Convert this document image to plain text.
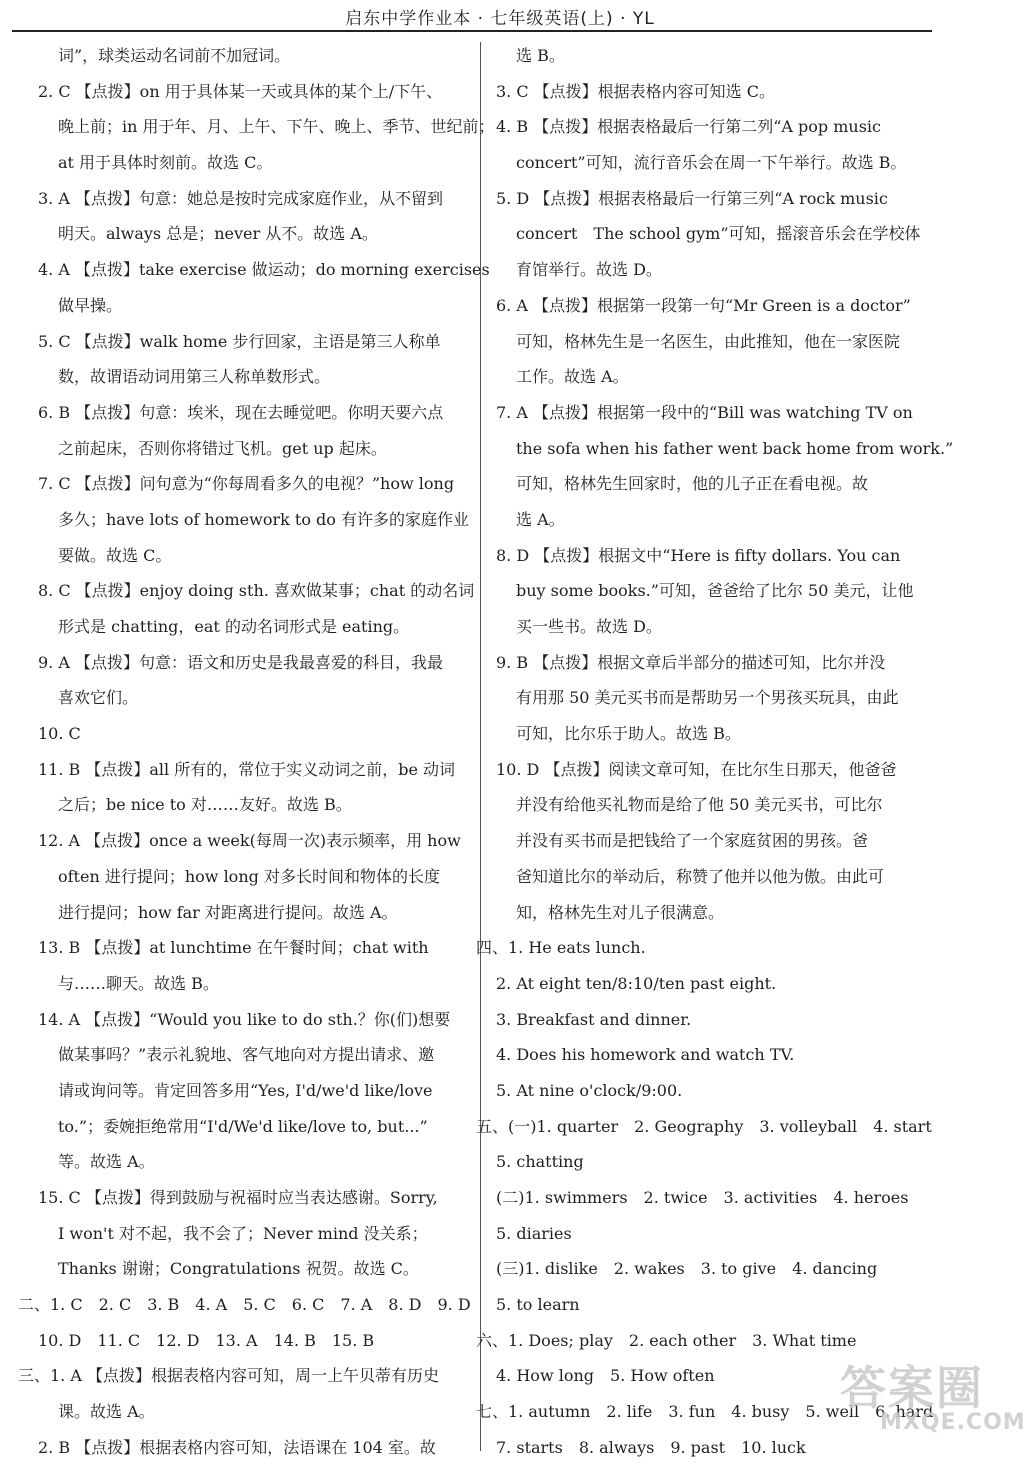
启东中学作业本 · 七年级英语(上) · YL
词”，球类运动名词前不加冠词。
2. C 【点拨】on 用于具体某一天或具体的某个上/下午、
晚上前；in 用于年、月、上午、下午、晚上、季节、世纪前；
at 用于具体时刻前。故选 C。
3. A 【点拨】句意：她总是按时完成家庭作业，从不留到
明天。always 总是；never 从不。故选 A。
4. A 【点拨】take exercise 做运动；do morning exercises
做早操。
5. C 【点拨】walk home 步行回家，主语是第三人称单
数，故谓语动词用第三人称单数形式。
6. B 【点拨】句意：埃米，现在去睡觉吧。你明天要六点
之前起床，否则你将错过飞机。get up 起床。
7. C 【点拨】问句意为“你每周看多久的电视？”how long
多久；have lots of homework to do 有许多的家庭作业
要做。故选 C。
8. C 【点拨】enjoy doing sth. 喜欢做某事；chat 的动名词
形式是 chatting，eat 的动名词形式是 eating。
9. A 【点拨】句意：语文和历史是我最喜爱的科目，我最
喜欢它们。
10. C
11. B 【点拨】all 所有的，常位于实义动词之前，be 动词
之后；be nice to 对……友好。故选 B。
12. A 【点拨】once a week(每周一次)表示频率，用 how
often 进行提问；how long 对多长时间和物体的长度
进行提问；how far 对距离进行提问。故选 A。
13. B 【点拨】at lunchtime 在午餐时间；chat with
与……聊天。故选 B。
14. A 【点拨】“Would you like to do sth.？你(们)想要
做某事吗？”表示礼貌地、客气地向对方提出请求、邀
请或询问等。肯定回答多用“Yes, I'd/we'd like/love
to.”；委婉拒绝常用“I'd/We'd like/love to, but...”
等。故选 A。
15. C 【点拨】得到鼓励与祝福时应当表达感谢。Sorry,
I won't 对不起，我不会了；Never mind 没关系；
Thanks 谢谢；Congratulations 祝贺。故选 C。
二、1. C　2. C　3. B　4. A　5. C　6. C　7. A　8. D　9. D
10. D　11. C　12. D　13. A　14. B　15. B
三、1. A 【点拨】根据表格内容可知，周一上午贝蒂有历史
课。故选 A。
2. B 【点拨】根据表格内容可知，法语课在 104 室。故
选 B。
3. C 【点拨】根据表格内容可知选 C。
4. B 【点拨】根据表格最后一行第二列“A pop music
concert”可知，流行音乐会在周一下午举行。故选 B。
5. D 【点拨】根据表格最后一行第三列“A rock music
concert　The school gym”可知，摇滚音乐会在学校体
育馆举行。故选 D。
6. A 【点拨】根据第一段第一句“Mr Green is a doctor”
可知，格林先生是一名医生，由此推知，他在一家医院
工作。故选 A。
7. A 【点拨】根据第一段中的“Bill was watching TV on
the sofa when his father went back home from work.”
可知，格林先生回家时，他的儿子正在看电视。故
选 A。
8. D 【点拨】根据文中“Here is fifty dollars. You can
buy some books.”可知，爸爸给了比尔 50 美元，让他
买一些书。故选 D。
9. B 【点拨】根据文章后半部分的描述可知，比尔并没
有用那 50 美元买书而是帮助另一个男孩买玩具，由此
可知，比尔乐于助人。故选 B。
10. D 【点拨】阅读文章可知，在比尔生日那天，他爸爸
并没有给他买礼物而是给了他 50 美元买书，可比尔
并没有买书而是把钱给了一个家庭贫困的男孩。爸
爸知道比尔的举动后，称赞了他并以他为傲。由此可
知，格林先生对儿子很满意。
四、1. He eats lunch.
2. At eight ten/8:10/ten past eight.
3. Breakfast and dinner.
4. Does his homework and watch TV.
5. At nine o'clock/9:00.
五、(一)1. quarter　2. Geography　3. volleyball　4. start
5. chatting
(二)1. swimmers　2. twice　3. activities　4. heroes
5. diaries
(三)1. dislike　2. wakes　3. to give　4. dancing
5. to learn
六、1. Does; play　2. each other　3. What time
4. How long　5. How often
七、1. autumn　2. life　3. fun　4. busy　5. well　6. hard
7. starts　8. always　9. past　10. luck
答案圈
MXQE.COM
